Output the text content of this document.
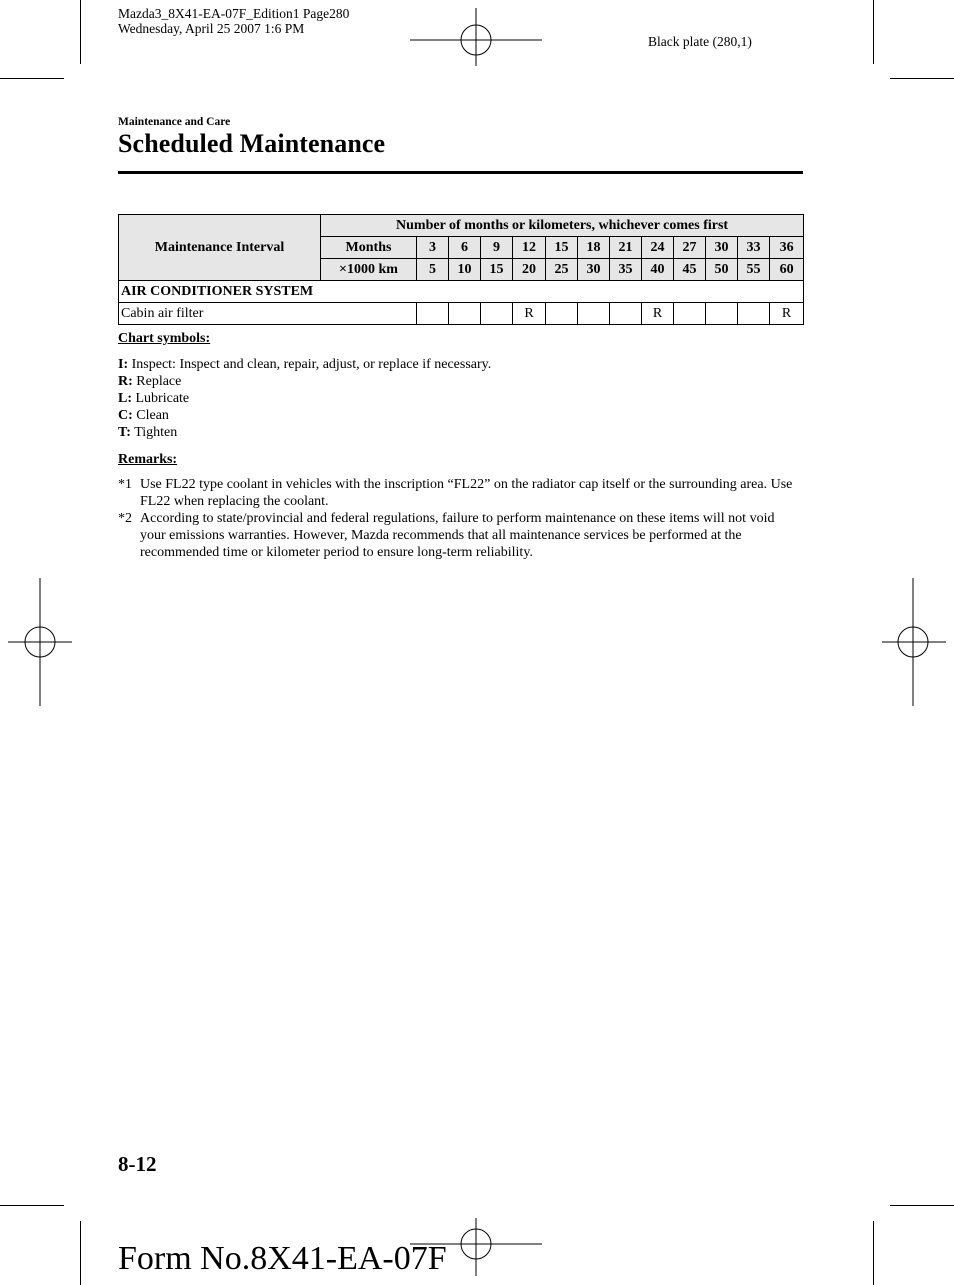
Mazda3_8X41-EA-07F_Edition1 Page280
Wednesday, April 25 2007 1:6 PM
Black plate (280,1)
Maintenance and Care
Scheduled Maintenance
Maintenance Interval	Number of months or kilometers, whichever comes first												
	Months	3	6	9	12	15	18	21	24	27	30	33	36
	×1000 km	5	10	15	20	25	30	35	40	45	50	55	60
AIR CONDITIONER SYSTEM													
Cabin air filter					R				R				R
Chart symbols:
I: Inspect: Inspect and clean, repair, adjust, or replace if necessary.
R: Replace
L: Lubricate
C: Clean
T: Tighten
Remarks:
*1 Use FL22 type coolant in vehicles with the inscription “FL22” on the radiator cap itself or the surrounding area. Use FL22 when replacing the coolant.
*2 According to state/provincial and federal regulations, failure to perform maintenance on these items will not void your emissions warranties. However, Mazda recommends that all maintenance services be performed at the recommended time or kilometer period to ensure long-term reliability.
8-12
Form No.8X41-EA-07F
